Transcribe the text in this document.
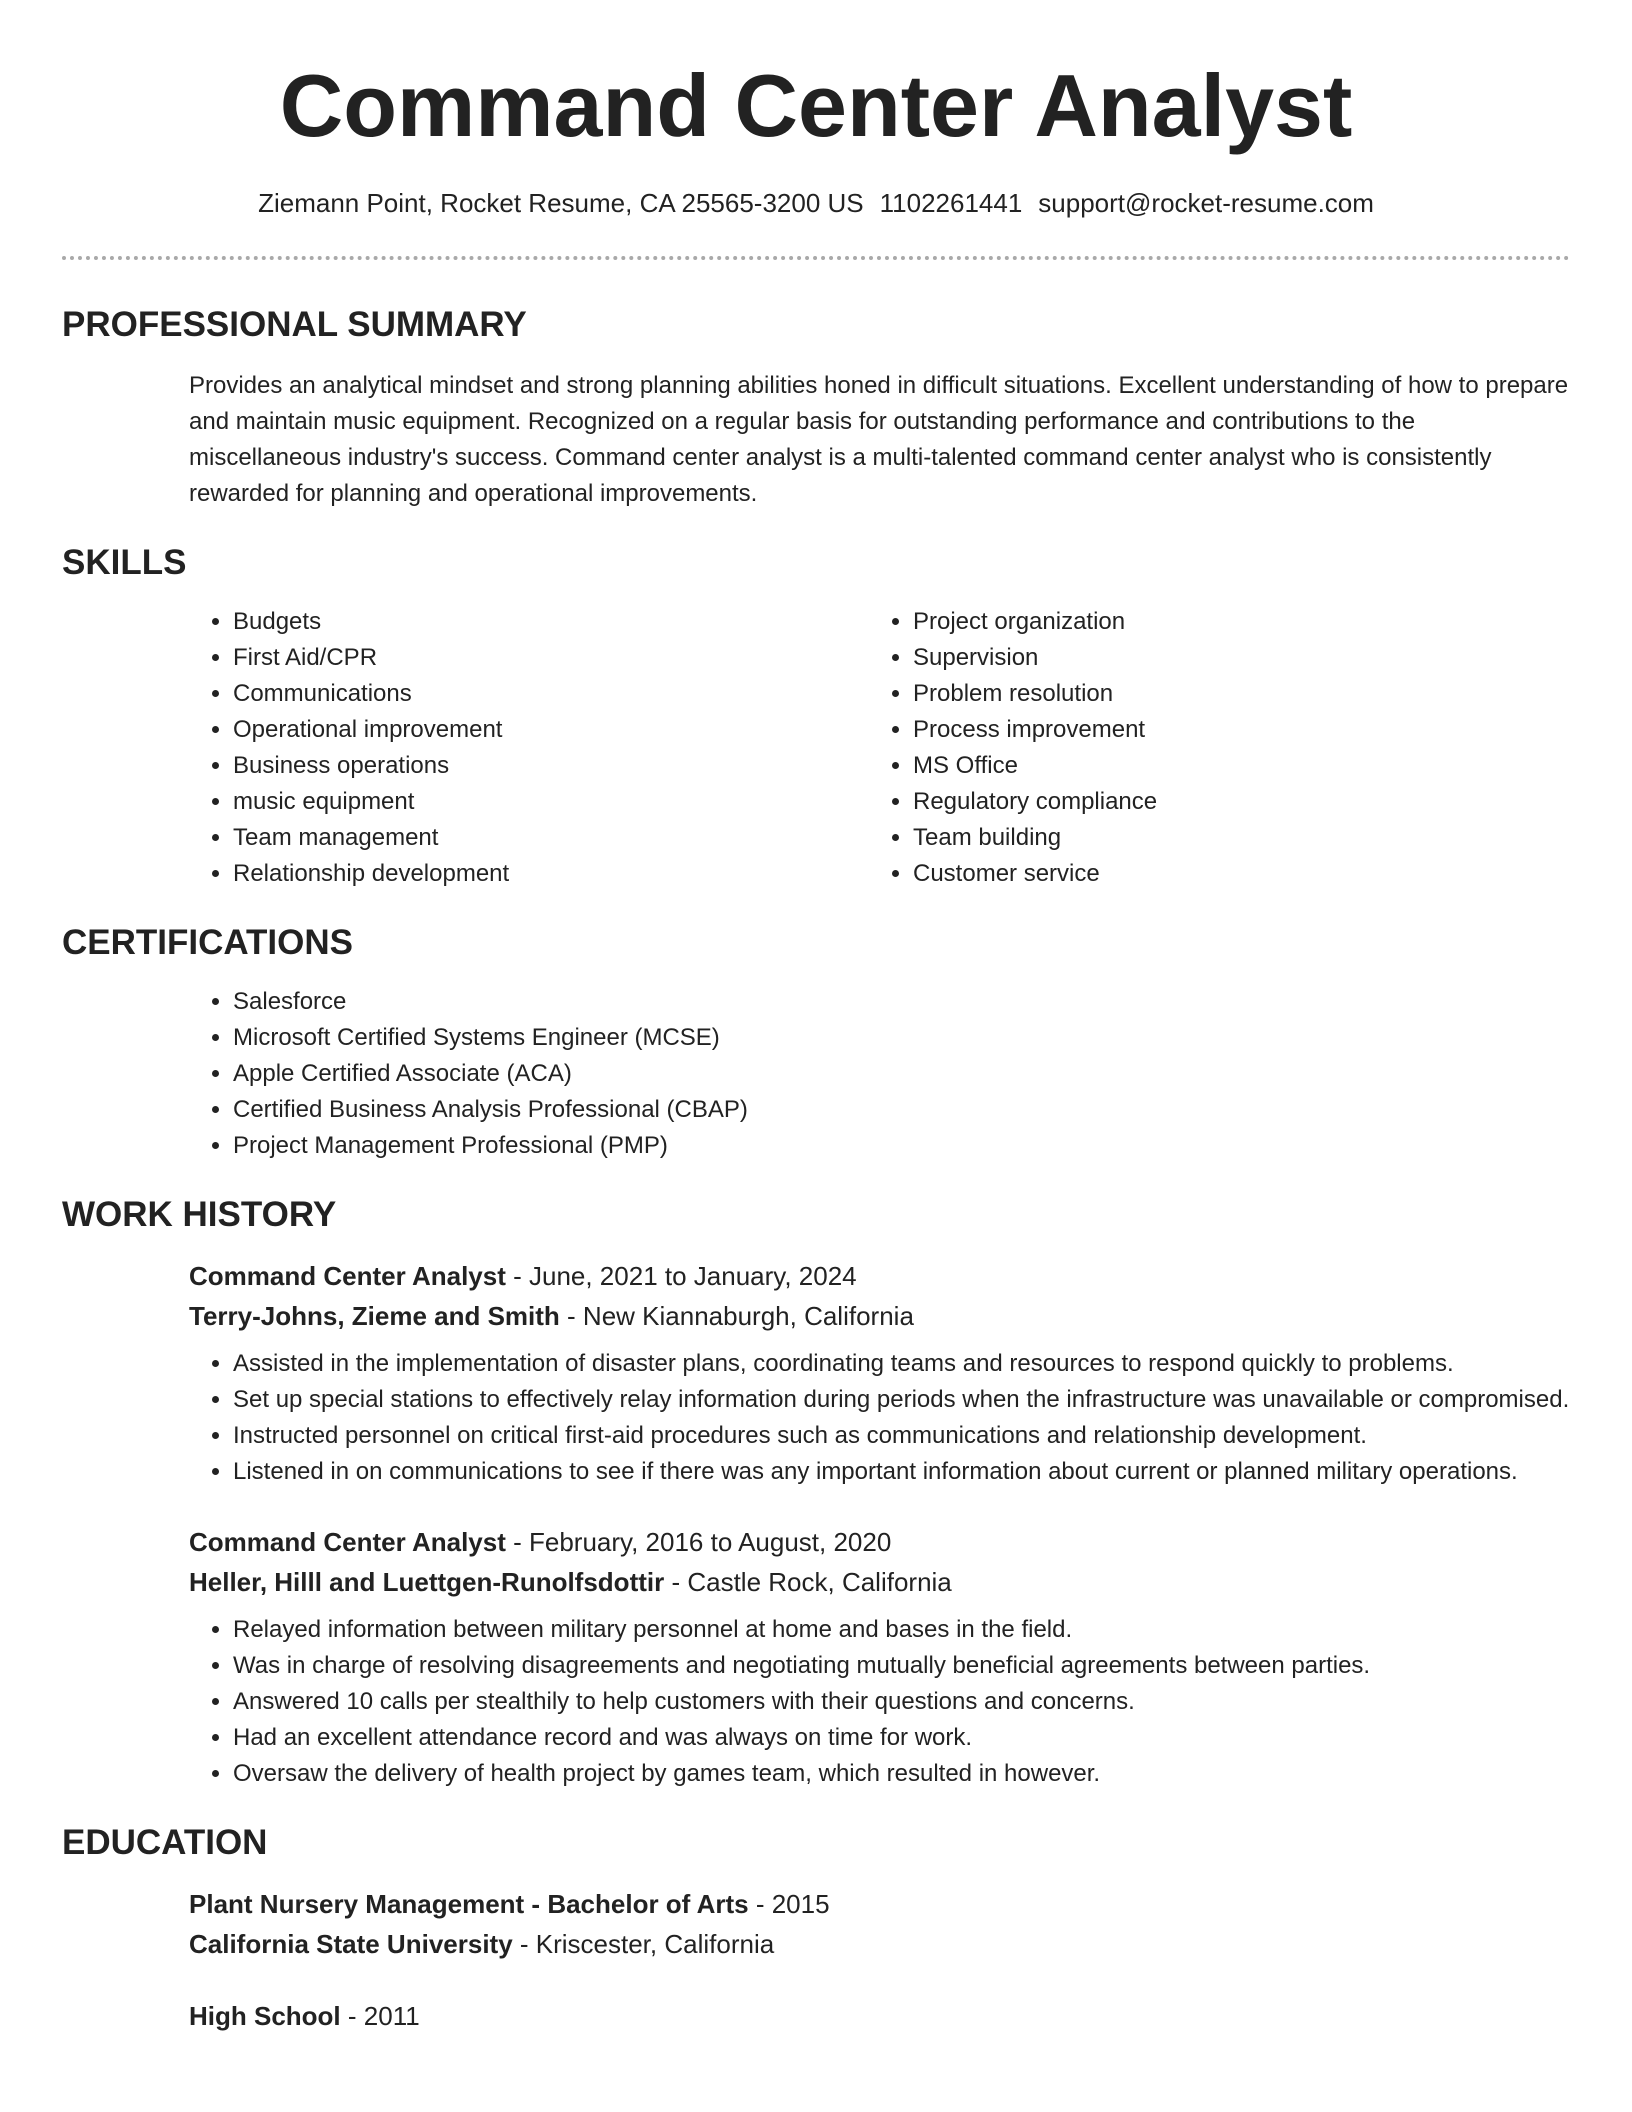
Command Center Analyst
Ziemann Point, Rocket Resume, CA 25565-3200 US 1102261441 support@rocket-resume.com
PROFESSIONAL SUMMARY

Provides an analytical mindset and strong planning abilities honed in difficult situations. Excellent understanding of how to prepare and maintain music equipment. Recognized on a regular basis for outstanding performance and contributions to the miscellaneous industry's success. Command center analyst is a multi-talented command center analyst who is consistently rewarded for planning and operational improvements.

SKILLS
• Budgets
• First Aid/CPR
• Communications
• Operational improvement
• Business operations
• music equipment
• Team management
• Relationship development
• Project organization
• Supervision
• Problem resolution
• Process improvement
• MS Office
• Regulatory compliance
• Team building
• Customer service
CERTIFICATIONS
• Salesforce
• Microsoft Certified Systems Engineer (MCSE)
• Apple Certified Associate (ACA)
• Certified Business Analysis Professional (CBAP)
• Project Management Professional (PMP)
WORK HISTORY
Command Center Analyst - June, 2021 to January, 2024
Terry-Johns, Zieme and Smith - New Kiannaburgh, California
• Assisted in the implementation of disaster plans, coordinating teams and resources to respond quickly to problems.
• Set up special stations to effectively relay information during periods when the infrastructure was unavailable or compromised.
• Instructed personnel on critical first-aid procedures such as communications and relationship development.
• Listened in on communications to see if there was any important information about current or planned military operations.
Command Center Analyst - February, 2016 to August, 2020
Heller, Hilll and Luettgen-Runolfsdottir - Castle Rock, California
• Relayed information between military personnel at home and bases in the field.
• Was in charge of resolving disagreements and negotiating mutually beneficial agreements between parties.
• Answered 10 calls per stealthily to help customers with their questions and concerns.
• Had an excellent attendance record and was always on time for work.
• Oversaw the delivery of health project by games team, which resulted in however.
EDUCATION
Plant Nursery Management - Bachelor of Arts - 2015
California State University - Kriscester, California
High School - 2011
